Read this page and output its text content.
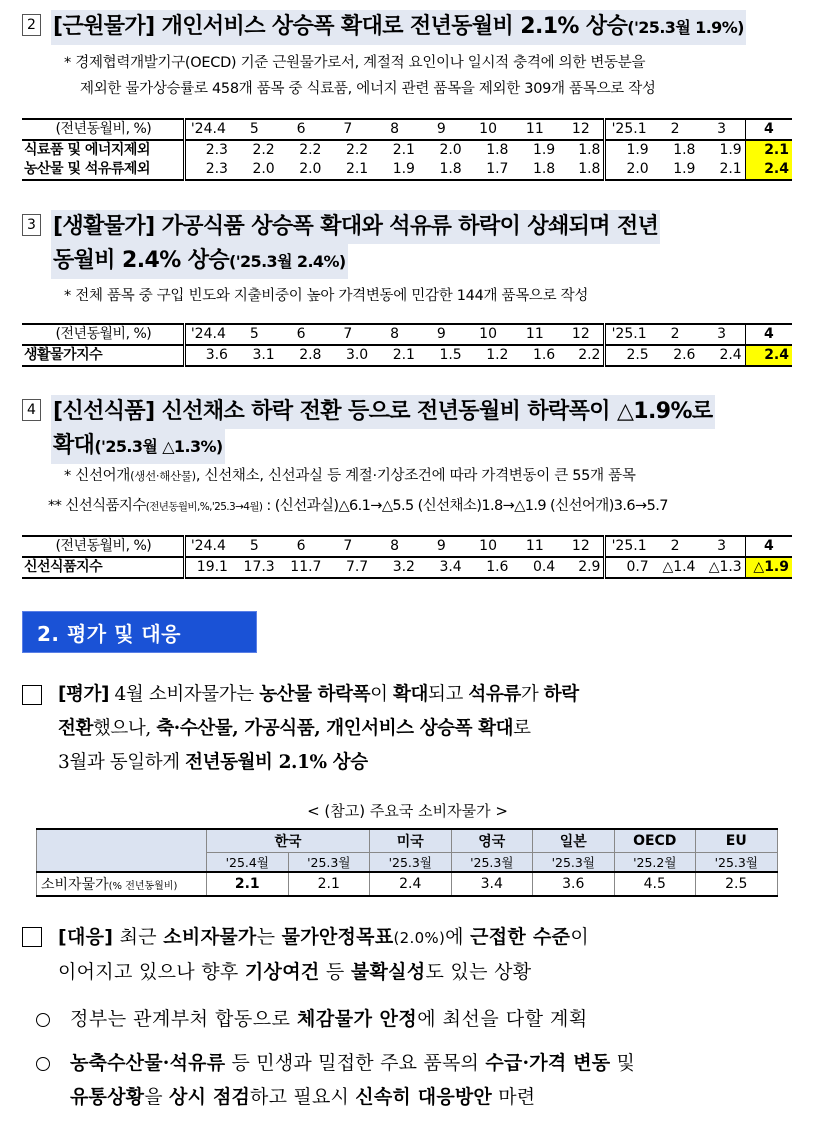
2 [근원물가] 개인서비스 상승폭 확대로 전년동월비 2.1% 상승('25.3월 1.9%)
* 경제협력개발기구(OECD) 기준 근원물가로서, 계절적 요인이나 일시적 충격에 의한 변동분을
제외한 물가상승률로 458개 품목 중 식료품, 에너지 관련 품목을 제외한 309개 품목으로 작성
(전년동월비, %)	'24.4	5	6	7	8	9	10	11	12	'25.1	2	3	4
식료품 및 에너지제외	2.3	2.2	2.2	2.2	2.1	2.0	1.8	1.9	1.8	1.9	1.8	1.9	2.1
농산물 및 석유류제외	2.3	2.0	2.0	2.1	1.9	1.8	1.7	1.8	1.8	2.0	1.9	2.1	2.4
3 [생활물가] 가공식품 상승폭 확대와 석유류 하락이 상쇄되며 전년
동월비 2.4% 상승('25.3월 2.4%)
* 전체 품목 중 구입 빈도와 지출비중이 높아 가격변동에 민감한 144개 품목으로 작성
(전년동월비, %)	'24.4	5	6	7	8	9	10	11	12	'25.1	2	3	4
생활물가지수	3.6	3.1	2.8	3.0	2.1	1.5	1.2	1.6	2.2	2.5	2.6	2.4	2.4
4 [신선식품] 신선채소 하락 전환 등으로 전년동월비 하락폭이 △1.9%로
확대('25.3월 △1.3%)
* 신선어개(생선·해산물), 신선채소, 신선과실 등 계절·기상조건에 따라 가격변동이 큰 55개 품목
** 신선식품지수(전년동월비,%,'25.3→4월) : (신선과실)△6.1→△5.5 (신선채소)1.8→△1.9 (신선어개)3.6→5.7
(전년동월비, %)	'24.4	5	6	7	8	9	10	11	12	'25.1	2	3	4
신선식품지수	19.1	17.3	11.7	7.7	3.2	3.4	1.6	0.4	2.9	0.7	△1.4	△1.3	△1.9
2. 평가 및 대응
[평가] 4월 소비자물가는 농산물 하락폭이 확대되고 석유류가 하락
전환했으나, 축·수산물, 가공식품, 개인서비스 상승폭 확대로
3월과 동일하게 전년동월비 2.1% 상승
< (참고) 주요국 소비자물가 >
	한국		미국	영국	일본	OECD	EU
	'25.4월	'25.3월	'25.3월	'25.3월	'25.3월	'25.2월	'25.3월
소비자물가(% 전년동월비)	2.1	2.1	2.4	3.4	3.6	4.5	2.5
[대응] 최근 소비자물가는 물가안정목표(2.0%)에 근접한 수준이
이어지고 있으나 향후 기상여건 등 불확실성도 있는 상황
정부는 관계부처 합동으로 체감물가 안정에 최선을 다할 계획
농축수산물·석유류 등 민생과 밀접한 주요 품목의 수급·가격 변동 및
유통상황을 상시 점검하고 필요시 신속히 대응방안 마련
